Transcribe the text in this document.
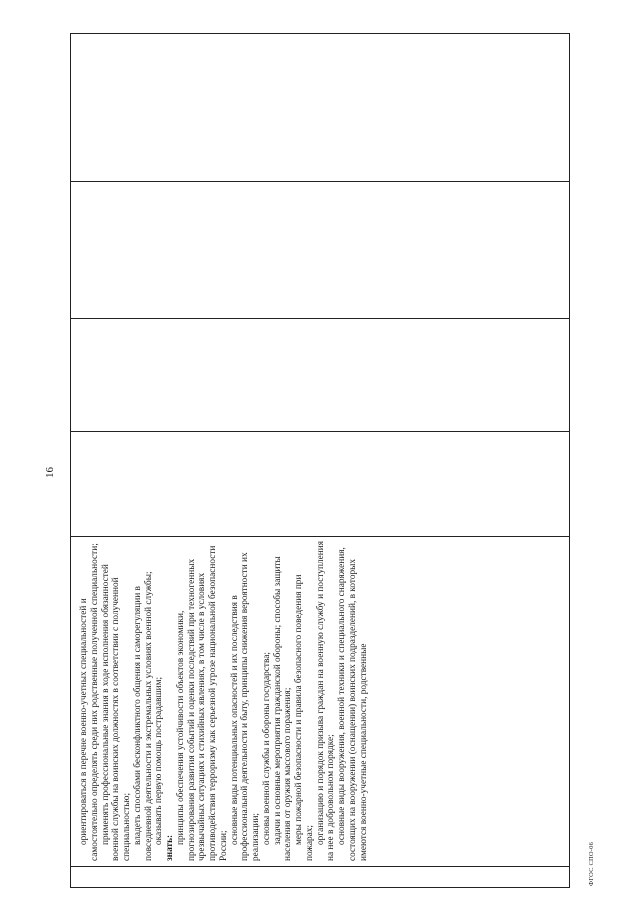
16

ориентироваться в перечне военно-учетных специальностей и самостоятельно определять среди них родственные полученной специальности; применять профессиональные знания в ходе исполнения обязанностей военной службы на воинских должностях в соответствии с полученной специальностью; владеть способами бесконфликтного общения и саморегуляции в повседневной деятельности и экстремальных условиях военной службы; оказывать первую помощь пострадавшим;

знать:

принципы обеспечения устойчивости объектов экономики, прогнозирования развития событий и оценки последствий при техногенных чрезвычайных ситуациях и стихийных явлениях, в том числе в условиях противодействия терроризму как серьезной угрозе национальной безопасности России;

основные виды потенциальных опасностей и их последствия в профессиональной деятельности и быту, принципы снижения вероятности их реализации; основы военной службы и обороны государства; задачи и основные мероприятия гражданской обороны; способы защиты населения от оружия массового поражения; меры пожарной безопасности и правила безопасного поведения при пожарах; организацию и порядок призыва граждан на военную службу и поступления на нее в добровольном порядке; основные виды вооружения, военной техники и специального снаряжения, состоящих на вооружении (оснащении) воинских подразделений, в которых имеются военно-учетные специальности, родственные

ФГОС СПО-06
